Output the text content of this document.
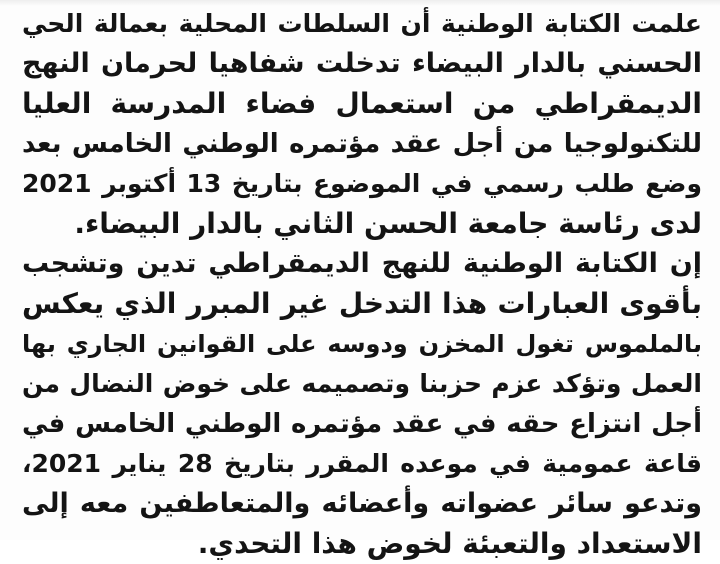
علمت الكتابة الوطنية أن السلطات المحلية بعمالة الحي
الحسني بالدار البيضاء تدخلت شفاهيا لحرمان النهج
الديمقراطي من استعمال فضاء المدرسة العليا
للتكنولوجيا من أجل عقد مؤتمره الوطني الخامس بعد
وضع طلب رسمي في الموضوع بتاريخ 13 أكتوبر 2021
لدى رئاسة جامعة الحسن الثاني بالدار البيضاء.
إن الكتابة الوطنية للنهج الديمقراطي تدين وتشجب
بأقوى العبارات هذا التدخل غير المبرر الذي يعكس
بالملموس تغول المخزن ودوسه على القوانين الجاري بها
العمل وتؤكد عزم حزبنا وتصميمه على خوض النضال من
أجل انتزاع حقه في عقد مؤتمره الوطني الخامس في
قاعة عمومية في موعده المقرر بتاريخ 28 يناير 2021،
وتدعو سائر عضواته وأعضائه والمتعاطفين معه إلى
الاستعداد والتعبئة لخوض هذا التحدي.
